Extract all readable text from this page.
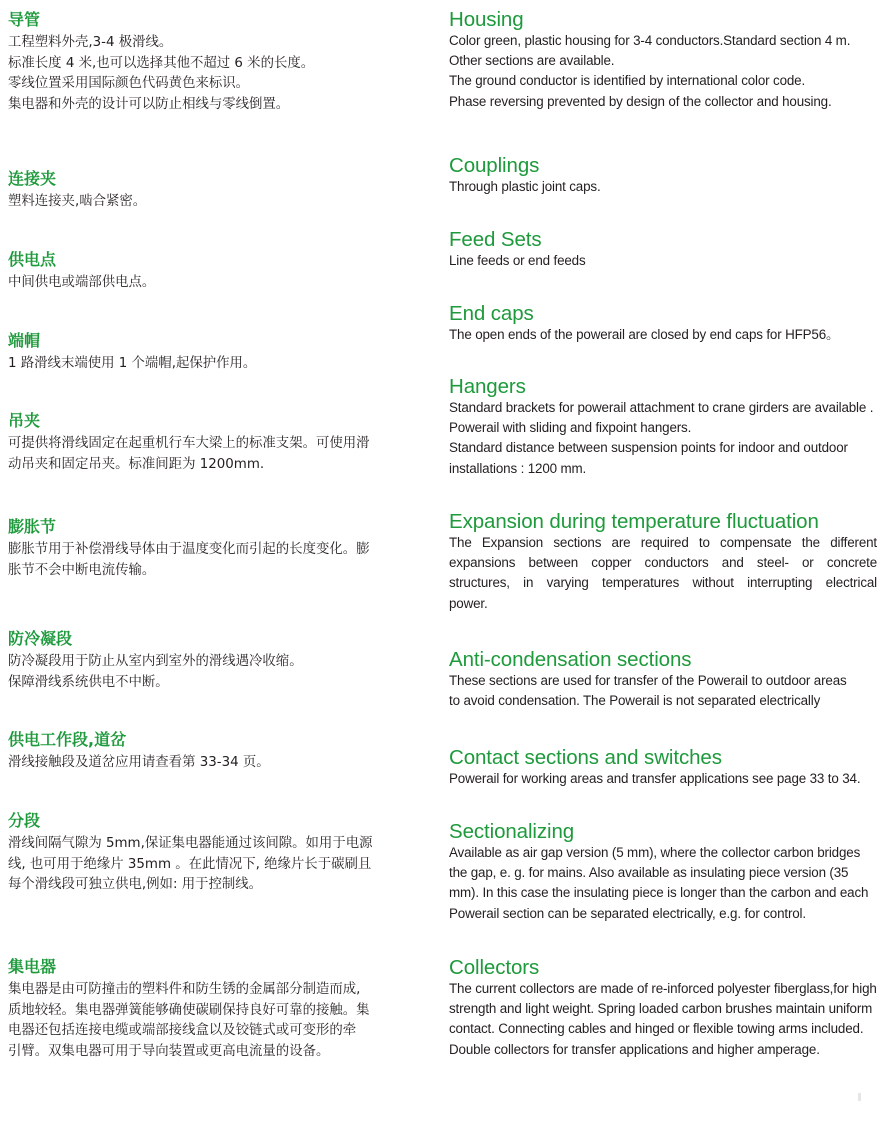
导管

工程塑料外壳,3-4 极滑线。

标准长度 4 米,也可以选择其他不超过 6 米的长度。

零线位置采用国际颜色代码黄色来标识。

集电器和外壳的设计可以防止相线与零线倒置。

连接夹

塑料连接夹,啮合紧密。

供电点

中间供电或端部供电点。

端帽

1 路滑线末端使用 1 个端帽,起保护作用。

吊夹

可提供将滑线固定在起重机行车大梁上的标准支架。可使用滑

动吊夹和固定吊夹。标准间距为 1200mm.

膨胀节

膨胀节用于补偿滑线导体由于温度变化而引起的长度变化。膨

胀节不会中断电流传输。

防冷凝段

防冷凝段用于防止从室内到室外的滑线遇冷收缩。

保障滑线系统供电不中断。

供电工作段,道岔

滑线接触段及道岔应用请查看第 33-34 页。

分段

滑线间隔气隙为 5mm,保证集电器能通过该间隙。如用于电源

线, 也可用于绝缘片 35mm 。在此情况下, 绝缘片长于碳刷且

每个滑线段可独立供电,例如: 用于控制线。

集电器

集电器是由可防撞击的塑料件和防生锈的金属部分制造而成,

质地较轻。集电器弹簧能够确使碳刷保持良好可靠的接触。集

电器还包括连接电缆或端部接线盒以及铰链式或可变形的牵

引臂。双集电器可用于导向装置或更高电流量的设备。

Housing

Color green, plastic housing for 3-4 conductors.Standard section 4 m.

Other sections are available.

The ground conductor is identified by international color code.

Phase reversing prevented by design of the collector and housing.

Couplings

Through plastic joint caps.

Feed Sets

Line feeds or end feeds

End caps

The open ends of the powerail are closed by end caps for HFP56。

Hangers

Standard brackets for powerail attachment to crane girders are available .

Powerail with sliding and fixpoint hangers.

Standard distance between suspension points for indoor and outdoor

installations : 1200 mm.

Expansion during temperature fluctuation

The Expansion sections are required to compensate the different

expansions between copper conductors and steel- or concrete

structures, in varying temperatures without interrupting electrical

power.

Anti-condensation sections

These sections are used for transfer of the Powerail to outdoor areas

to avoid condensation. The Powerail is not separated electrically

Contact sections and switches

Powerail for working areas and transfer applications see page 33 to 34.

Sectionalizing

Available as air gap version (5 mm), where the collector carbon bridges

the gap, e. g. for mains. Also available as insulating piece version (35

mm). In this case the insulating piece is longer than the carbon and each

Powerail section can be separated electrically, e.g. for control.

Collectors

The current collectors are made of re-inforced polyester fiberglass,for high

strength and light weight. Spring loaded carbon brushes maintain uniform

contact. Connecting cables and hinged or flexible towing arms included.

Double collectors for transfer applications and higher amperage.
